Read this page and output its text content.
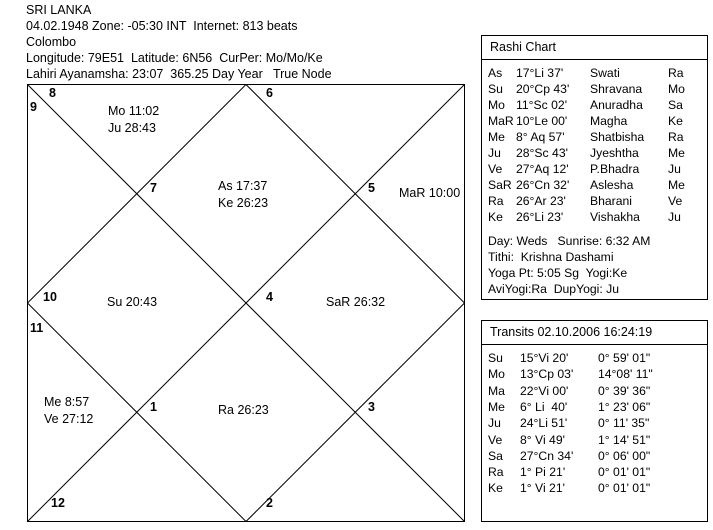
SRI LANKA
04.02.1948 Zone: -05:30 INT  Internet: 813 beats
Colombo
Longitude: 79E51  Latitude: 6N56  CurPer: Mo/Mo/Ke
Lahiri Ayanamsha: 23:07  365.25 Day Year   True Node
8
9
6
7	5
10	4
11
1	3
12	2
Mo 11:02
Ju 28:43
As 17:37
Ke 26:23
MaR 10:00
Su 20:43	SaR 26:32
Me 8:57
Ve 27:12
Ra 26:23
Rashi Chart
As 17°Li 37' Swati	Ra
Su 20°Cp 43' Shravana Mo
Mo 11°Sc 02' Anuradha Sa
MaR 10°Le 00' Magha	Ke
Me 8° Aq 57' Shatbisha Ra
Ju 28°Sc 43' Jyeshtha Me
Ve 27°Aq 12' P.Bhadra Ju
SaR 26°Cn 32' Aslesha	Me
Ra 26°Ar 23' Bharani	Ve
Ke 26°Li 23' Vishakha Ju
Day: Weds   Sunrise: 6:32 AM
Tithi:  Krishna Dashami
Yoga Pt: 5:05 Sg  Yogi:Ke
AviYogi:Ra  DupYogi: Ju
Transits 02.10.2006 16:24:19
Su 15°Vi 20' 0° 59' 01"
Mo 13°Cp 03' 14°08' 11"
Ma 22°Vi 00' 0° 39' 36"
Me 6° Li  40'	1° 23' 06"
Ju 24°Li 51'	0° 11' 35"
Ve 8° Vi 49'	1° 14' 51"
Sa 27°Cn 34' 0° 06' 00"
Ra 1° Pi 21'	0° 01' 01"
Ke 1° Vi 21'	0° 01' 01"
